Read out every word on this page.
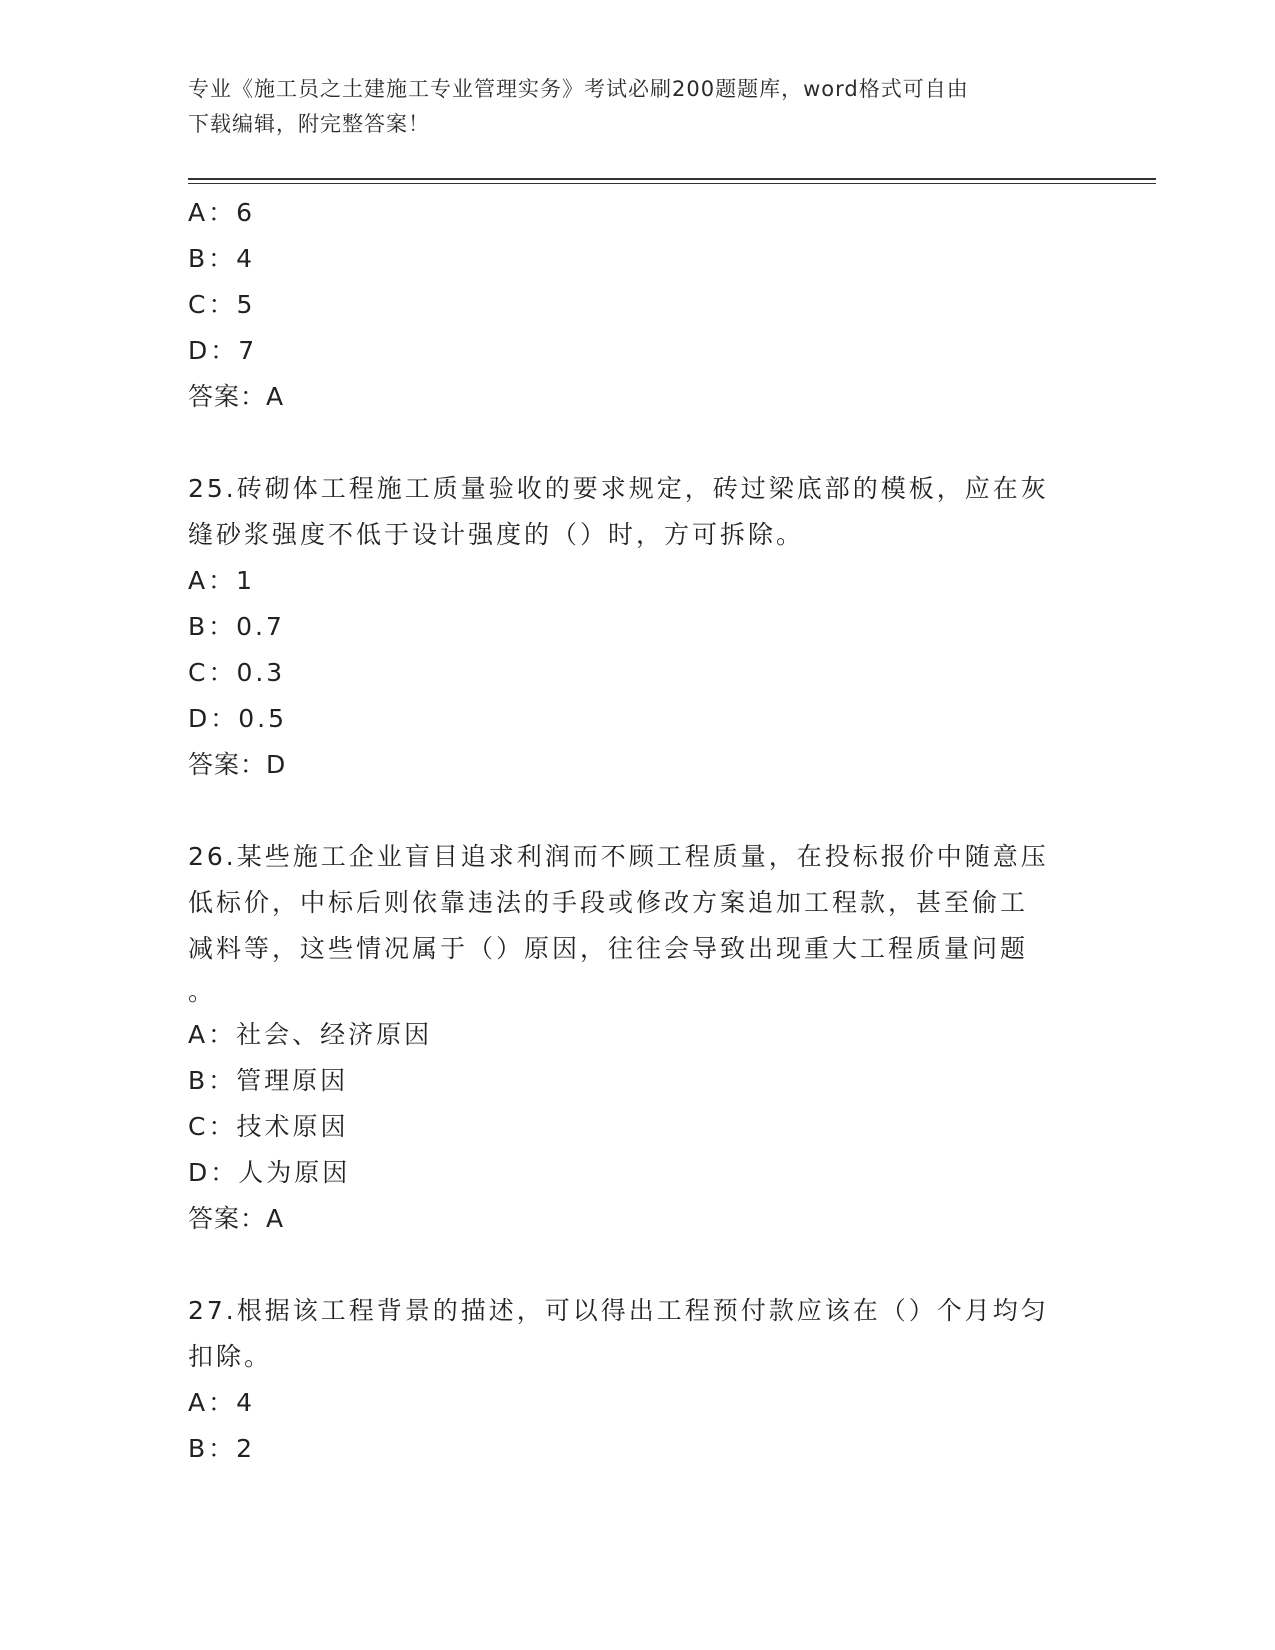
专业《施工员之土建施工专业管理实务》考试必刷200题题库，word格式可自由
下载编辑，附完整答案！
A：6
B：4
C：5
D：7
答案：A
25.砖砌体工程施工质量验收的要求规定，砖过梁底部的模板，应在灰
缝砂浆强度不低于设计强度的（）时，方可拆除。
A：1
B：0.7
C：0.3
D：0.5
答案：D
26.某些施工企业盲目追求利润而不顾工程质量，在投标报价中随意压
低标价，中标后则依靠违法的手段或修改方案追加工程款，甚至偷工
减料等，这些情况属于（）原因，往往会导致出现重大工程质量问题
。
A：社会、经济原因
B：管理原因
C：技术原因
D：人为原因
答案：A
27.根据该工程背景的描述，可以得出工程预付款应该在（）个月均匀
扣除。
A：4
B：2
